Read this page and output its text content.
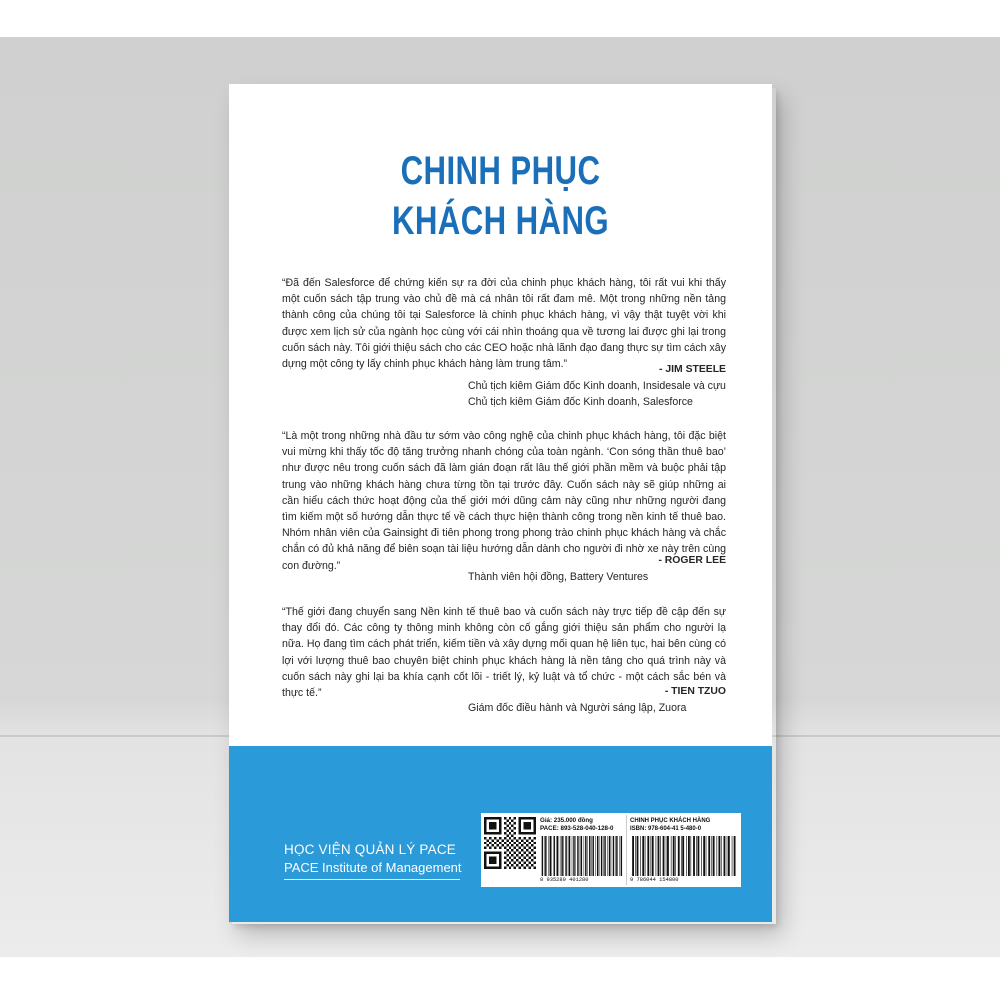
CHINH PHỤC
KHÁCH HÀNG
“Đã đến Salesforce để chứng kiến sự ra đời của chinh phục khách hàng, tôi rất vui khi thấy một cuốn sách tập trung vào chủ đề mà cá nhân tôi rất đam mê. Một trong những nền tảng thành công của chúng tôi tại Salesforce là chinh phục khách hàng, vì vậy thật tuyệt vời khi được xem lịch sử của ngành học cùng với cái nhìn thoáng qua về tương lai được ghi lại trong cuốn sách này. Tôi giới thiệu sách cho các CEO hoặc nhà lãnh đạo đang thực sự tìm cách xây dựng một công ty lấy chinh phục khách hàng làm trung tâm.”	- JIM STEELE
Chủ tịch kiêm Giám đốc Kinh doanh, Insidesale và cựu Chủ tịch kiêm Giám đốc Kinh doanh, Salesforce
“Là một trong những nhà đầu tư sớm vào công nghệ của chinh phục khách hàng, tôi đặc biệt vui mừng khi thấy tốc độ tăng trưởng nhanh chóng của toàn ngành. ‘Con sóng thần thuê bao’ như được nêu trong cuốn sách đã làm gián đoạn rất lâu thế giới phần mềm và buộc phải tập trung vào những khách hàng chưa từng tồn tại trước đây. Cuốn sách này sẽ giúp những ai cần hiểu cách thức hoạt động của thế giới mới dũng cảm này cũng như những người đang tìm kiếm một số hướng dẫn thực tế về cách thực hiện thành công trong nền kinh tế thuê bao. Nhóm nhân viên của Gainsight đi tiên phong trong phong trào chinh phục khách hàng và chắc chắn có đủ khả năng để biên soạn tài liệu hướng dẫn dành cho người đi nhờ xe này trên cùng con đường.”	- ROGER LEE
Thành viên hội đồng, Battery Ventures
“Thế giới đang chuyển sang Nền kinh tế thuê bao và cuốn sách này trực tiếp đề cập đến sự thay đổi đó. Các công ty thông minh không còn cố gắng giới thiệu sản phẩm cho người lạ nữa. Họ đang tìm cách phát triển, kiếm tiền và xây dựng mối quan hệ liên tục, hai bên cùng có lợi với lượng thuê bao chuyên biệt chinh phục khách hàng là nền tảng cho quá trình này và cuốn sách này ghi lại ba khía cạnh cốt lõi - triết lý, kỷ luật và tổ chức - một cách sắc bén và thực tế.”	- TIEN TZUO
Giám đốc điều hành và Người sáng lập, Zuora
HỌC VIỆN QUẢN LÝ PACE
PACE Institute of Management
Giá: 235.000 đồng
PACE: 893-528-040-128-0
8 935280 401280
CHINH PHỤC KHÁCH HÀNG
ISBN: 978-604-41 5-480-0
9 786044 154800
